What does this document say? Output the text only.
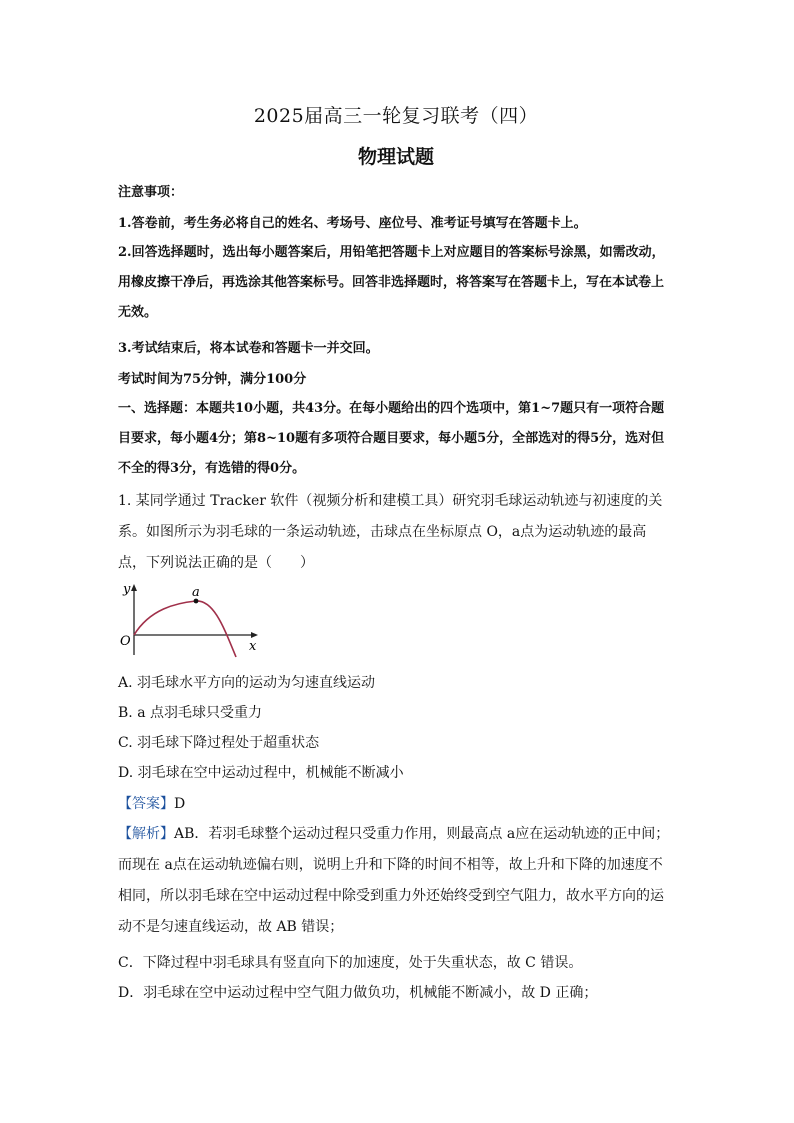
2025届高三一轮复习联考（四）
物理试题
注意事项：
1.答卷前，考生务必将自己的姓名、考场号、座位号、准考证号填写在答题卡上。
2.回答选择题时，选出每小题答案后，用铅笔把答题卡上对应题目的答案标号涂黑，如需改动，用橡皮擦干净后，再选涂其他答案标号。回答非选择题时，将答案写在答题卡上，写在本试卷上无效。
3.考试结束后，将本试卷和答题卡一并交回。
考试时间为75分钟，满分100分
一、选择题：本题共10小题，共43分。在每小题给出的四个选项中，第1~7题只有一项符合题目要求，每小题4分；第8~10题有多项符合题目要求，每小题5分，全部选对的得5分，选对但不全的得3分，有选错的得0分。
1. 某同学通过 Tracker 软件（视频分析和建模工具）研究羽毛球运动轨迹与初速度的关系。如图所示为羽毛球的一条运动轨迹，击球点在坐标原点 O，a点为运动轨迹的最高点，下列说法正确的是（　　）
y
x
O
a
A. 羽毛球水平方向的运动为匀速直线运动
B. a 点羽毛球只受重力
C. 羽毛球下降过程处于超重状态
D. 羽毛球在空中运动过程中，机械能不断减小
【答案】D
【解析】AB．若羽毛球整个运动过程只受重力作用，则最高点 a应在运动轨迹的正中间；而现在 a点在运动轨迹偏右则，说明上升和下降的时间不相等，故上升和下降的加速度不相同，所以羽毛球在空中运动过程中除受到重力外还始终受到空气阻力，故水平方向的运动不是匀速直线运动，故 AB 错误；
C．下降过程中羽毛球具有竖直向下的加速度，处于失重状态，故 C 错误。
D．羽毛球在空中运动过程中空气阻力做负功，机械能不断减小，故 D 正确；
